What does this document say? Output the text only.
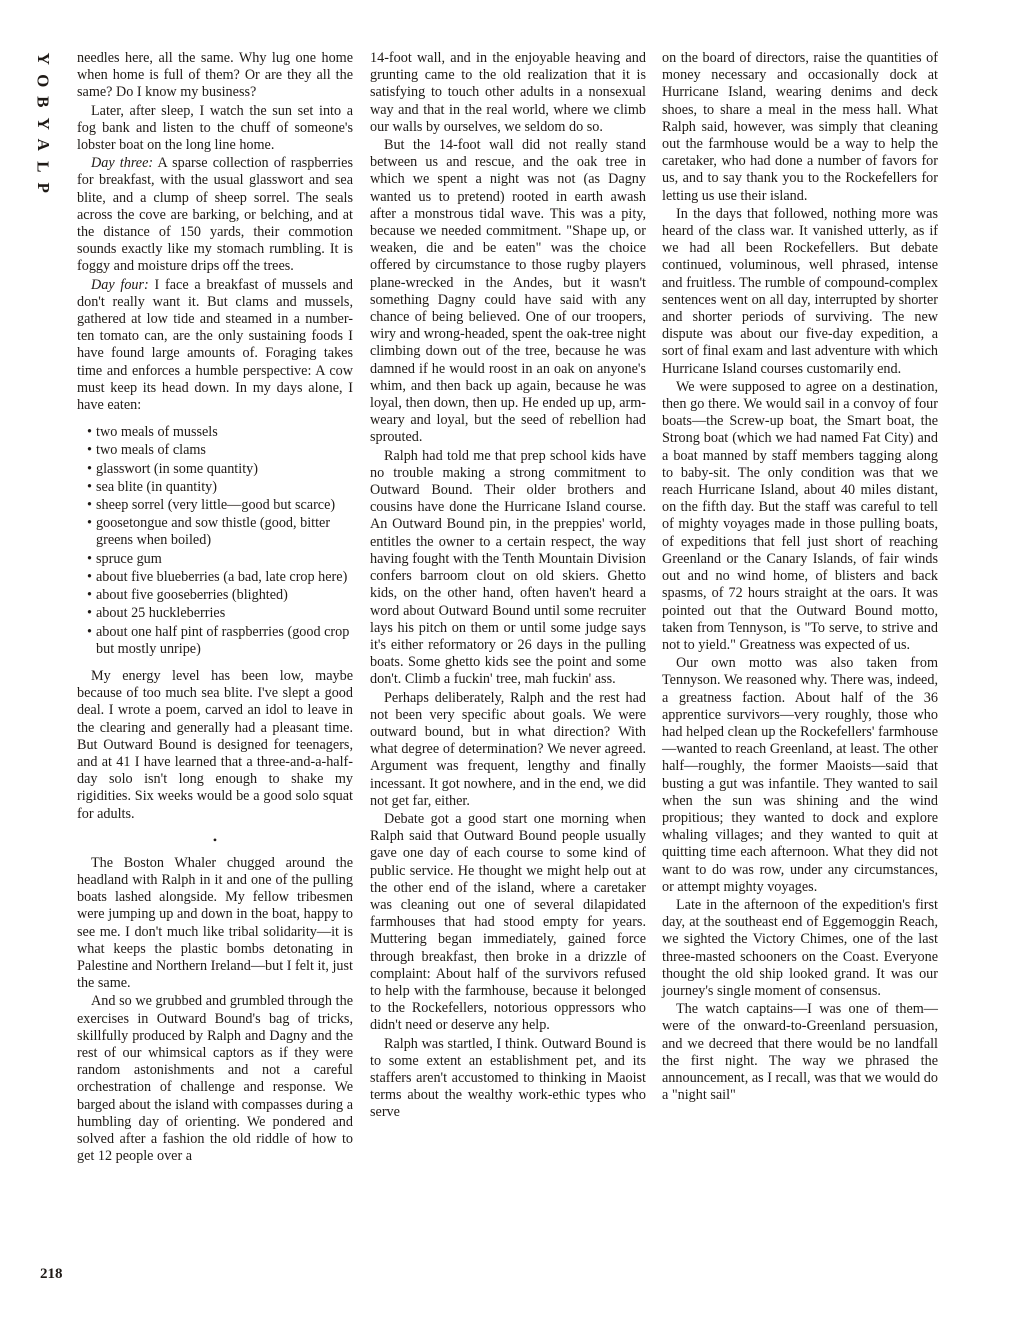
Y
O
B
Y
A
L
P
218

needles here, all the same. Why lug one home when home is full of them? Or are they all the same? Do I know my business?

Later, after sleep, I watch the sun set into a fog bank and listen to the chuff of someone's lobster boat on the long line home.

Day three: A sparse collection of raspberries for breakfast, with the usual glasswort and sea blite, and a clump of sheep sorrel. The seals across the cove are barking, or belching, and at the distance of 150 yards, their commotion sounds exactly like my stomach rumbling. It is foggy and moisture drips off the trees.

Day four: I face a breakfast of mussels and don't really want it. But clams and mussels, gathered at low tide and steamed in a number-ten tomato can, are the only sustaining foods I have found large amounts of. Foraging takes time and enforces a humble perspective: A cow must keep its head down. In my days alone, I have eaten:

• two meals of mussels
• two meals of clams
• glasswort (in some quantity)
• sea blite (in quantity)
• sheep sorrel (very little—good but scarce)
• goosetongue and sow thistle (good, bitter greens when boiled)
• spruce gum
• about five blueberries (a bad, late crop here)
• about five gooseberries (blighted)
• about 25 huckleberries
• about one half pint of raspberries (good crop but mostly unripe)

My energy level has been low, maybe because of too much sea blite. I've slept a good deal. I wrote a poem, carved an idol to leave in the clearing and generally had a pleasant time. But Outward Bound is designed for teenagers, and at 41 I have learned that a three-and-a-half-day solo isn't long enough to shake my rigidities. Six weeks would be a good solo squat for adults.

•

The Boston Whaler chugged around the headland with Ralph in it and one of the pulling boats lashed alongside. My fellow tribesmen were jumping up and down in the boat, happy to see me. I don't much like tribal solidarity—it is what keeps the plastic bombs detonating in Palestine and Northern Ireland—but I felt it, just the same.

And so we grubbed and grumbled through the exercises in Outward Bound's bag of tricks, skillfully produced by Ralph and Dagny and the rest of our whimsical captors as if they were random astonishments and not a careful orchestration of challenge and response. We barged about the island with compasses during a humbling day of orienting. We pondered and solved after a fashion the old riddle of how to get 12 people over a

14-foot wall, and in the enjoyable heaving and grunting came to the old realization that it is satisfying to touch other adults in a nonsexual way and that in the real world, where we climb our walls by ourselves, we seldom do so.

But the 14-foot wall did not really stand between us and rescue, and the oak tree in which we spent a night was not (as Dagny wanted us to pretend) rooted in earth awash after a monstrous tidal wave. This was a pity, because we needed commitment. "Shape up, or weaken, die and be eaten" was the choice offered by circumstance to those rugby players plane-wrecked in the Andes, but it wasn't something Dagny could have said with any chance of being believed. One of our troopers, wiry and wrong-headed, spent the oak-tree night climbing down out of the tree, because he was damned if he would roost in an oak on anyone's whim, and then back up again, because he was loyal, then down, then up. He ended up up, arm-weary and loyal, but the seed of rebellion had sprouted.

Ralph had told me that prep school kids have no trouble making a strong commitment to Outward Bound. Their older brothers and cousins have done the Hurricane Island course. An Outward Bound pin, in the preppies' world, entitles the owner to a certain respect, the way having fought with the Tenth Mountain Division confers barroom clout on old skiers. Ghetto kids, on the other hand, often haven't heard a word about Outward Bound until some recruiter lays his pitch on them or until some judge says it's either reformatory or 26 days in the pulling boats. Some ghetto kids see the point and some don't. Climb a fuckin' tree, mah fuckin' ass.

Perhaps deliberately, Ralph and the rest had not been very specific about goals. We were outward bound, but in what direction? With what degree of determination? We never agreed. Argument was frequent, lengthy and finally incessant. It got nowhere, and in the end, we did not get far, either.

Debate got a good start one morning when Ralph said that Outward Bound people usually gave one day of each course to some kind of public service. He thought we might help out at the other end of the island, where a caretaker was cleaning out one of several dilapidated farmhouses that had stood empty for years. Muttering began immediately, gained force through breakfast, then broke in a drizzle of complaint: About half of the survivors refused to help with the farmhouse, because it belonged to the Rockefellers, notorious oppressors who didn't need or deserve any help.

Ralph was startled, I think. Outward Bound is to some extent an establishment pet, and its staffers aren't accustomed to thinking in Maoist terms about the wealthy work-ethic types who serve

on the board of directors, raise the quantities of money necessary and occasionally dock at Hurricane Island, wearing denims and deck shoes, to share a meal in the mess hall. What Ralph said, however, was simply that cleaning out the farmhouse would be a way to help the caretaker, who had done a number of favors for us, and to say thank you to the Rockefellers for letting us use their island.

In the days that followed, nothing more was heard of the class war. It vanished utterly, as if we had all been Rockefellers. But debate continued, voluminous, well phrased, intense and fruitless. The rumble of compound-complex sentences went on all day, interrupted by shorter and shorter periods of surviving. The new dispute was about our five-day expedition, a sort of final exam and last adventure with which Hurricane Island courses customarily end.

We were supposed to agree on a destination, then go there. We would sail in a convoy of four boats—the Screw-up boat, the Smart boat, the Strong boat (which we had named Fat City) and a boat manned by staff members tagging along to baby-sit. The only condition was that we reach Hurricane Island, about 40 miles distant, on the fifth day. But the staff was careful to tell of mighty voyages made in those pulling boats, of expeditions that fell just short of reaching Greenland or the Canary Islands, of fair winds out and no wind home, of blisters and back spasms, of 72 hours straight at the oars. It was pointed out that the Outward Bound motto, taken from Tennyson, is "To serve, to strive and not to yield." Greatness was expected of us.

Our own motto was also taken from Tennyson. We reasoned why. There was, indeed, a greatness faction. About half of the 36 apprentice survivors—very roughly, those who had helped clean up the Rockefellers' farmhouse—wanted to reach Greenland, at least. The other half—roughly, the former Maoists—said that busting a gut was infantile. They wanted to sail when the sun was shining and the wind propitious; they wanted to dock and explore whaling villages; and they wanted to quit at quitting time each afternoon. What they did not want to do was row, under any circumstances, or attempt mighty voyages.

Late in the afternoon of the expedition's first day, at the southeast end of Eggemoggin Reach, we sighted the Victory Chimes, one of the last three-masted schooners on the Coast. Everyone thought the old ship looked grand. It was our journey's single moment of consensus.

The watch captains—I was one of them—were of the onward-to-Greenland persuasion, and we decreed that there would be no landfall the first night. The way we phrased the announcement, as I recall, was that we would do a "night sail"
